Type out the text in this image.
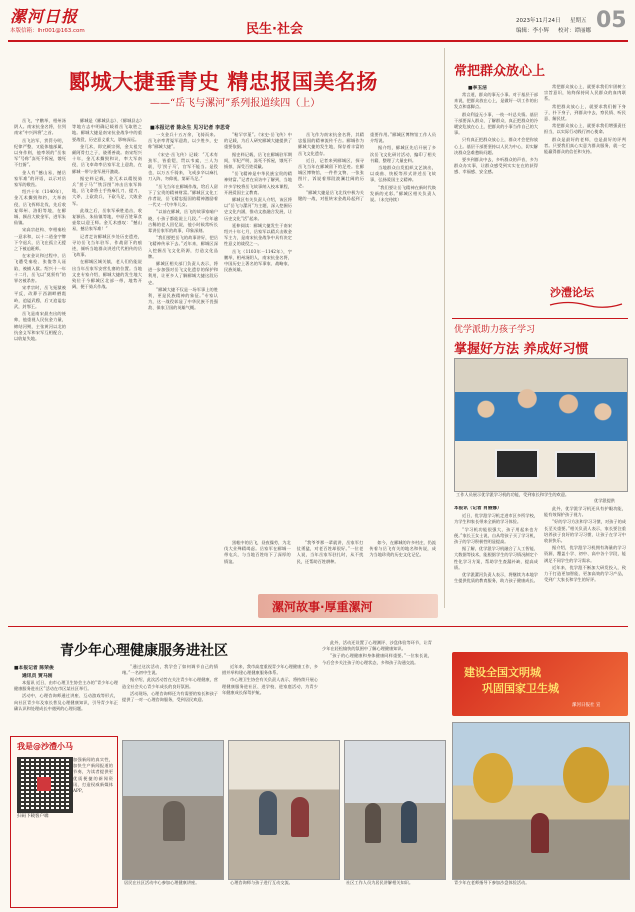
漯河日报
本版信箱：lhr001@163.com	民生·社会
2023年11月24日 星期五
编辑：李小辉 校对：谭丽娜 05
郾城大捷垂青史 精忠报国美名扬
——“岳飞与漯河”系列报道续四（上）
■本报记者 陈永生 见习记者 李思奇

郾城是《郾城县志》、《郾城县志》等地方志中明确记载着岳飞取胜之地。郾城大捷是南宋抗金战争中的重要战役，历史意义重大，影响深远。

金兀术，即完颜宗弼，金太祖完颜阿骨打之子，骁勇善战。南宋绍兴十年，金兀术撕毁和议，率大军南侵，岳飞奉命率岳家军北上迎敌，在郾城一带与金军展开激战。

据史料记载，金兀术以精锐骑兵“拐子马”“铁浮图”冲击岳家军阵地，岳飞命将士手持麻扎刀、提刀、大斧，上砍敌兵，下砍马足，大败金军。

此战之后，岳家军乘胜追击，收复颍昌、朱仙镇等地，中原百姓箪食壶浆以迎王师。金兀术感叹：“撼山易，撼岳家军难！”

记者走访郾城区多处历史遗迹，寻访岳飞当年驻军、作战留下的痕迹，倾听当地群众讲述代代相传的岳飞故事。

在郾城区城关镇，老人们仍能说出当年岳家军安营扎寨的位置。当地文史专家介绍，郾城大捷的发生地大致位于今郾城区北部一带，地势开阔，便于骑兵作战。

岳飞，宇鹏举，相州汤阴人。南宋抗金名将，位列南宋“中兴四将”之首。

岳飞治军，赏罚分明，纪律严整，又能体恤部属，以身作则，他率领的“岳家军”号称“冻死不拆屋，饿死不打掳”。

金人有“撼山易，撼岳家军难”的评语，以示对岳家军的敬畏。

绍兴十年（1140年），金兀术撕毁和约，大举南侵，岳飞挥师北伐，先后收复郑州、洛阳等地，在郾城、颍昌大败金军，进军朱仙镇。

宋高宗赵构、宰相秦桧一意求和，以十二道金字牌下令退兵，岳飞在孤立无援之下被迫班师。

在宋金议和过程中，岳飞遭受秦桧、张俊等人诬陷，被捕入狱。绍兴十一年十二月，岳飞以“莫须有”的罪名被杀害。

宋孝宗时，岳飞冤狱被平反，改葬于西湖畔栖霞岭，追谥武穆，后又追谥忠武，封鄂王。

岳飞是南宋最杰出的统帅，他重视人民抗金力量，缔结河朔，主张黄河以北的抗金义军和宋军互相配合，以收复失地。

一支金兵十五万余，飞骑而来。岳飞亲率背嵬军迎敌，以少胜多，史称“郾城大捷”。

《宋史·岳飞传》记载：“兀术有劲军，皆重铠，贯以韦索，三人为联，号‘拐子马’，官军不能当。是役也，以万五千骑来，飞戒步卒以麻扎刀入阵，勿仰视，第斫马足。”

“岳飞当年在郾城作战，给后人留下了宝贵的精神财富。”郾城区文化工作者说，岳飞精忠报国的精神激励着一代又一代中华儿女。

“以前在郾城，岳飞的故事家喻户晓，小孩子都能说上几段。”一位年逾古稀的老人回忆说，他小时候常听长辈讲岳家军的故事，印象深刻。

“我们要把岳飞的故事讲好，把岳飞精神传承下去。”近年来，郾城区深入挖掘岳飞文化资源，打造文化品牌。

郾城区相关部门负责人表示，将进一步加强对岳飞文化遗存的保护和利用，让更多人了解郾城大捷这段历史。

“郾城大捷不仅是一场军事上的胜利，更是民族精神的象征。”专家认为，这一战役彰显了中华民族不畏强敌、保家卫国的英雄气概。

“粘罕孛堇”。《宋史·岳飞传》中的记载，为后人研究郾城大捷提供了重要依据。

据史料记载，岳飞在郾城驻军期间，军纪严明，冻死不拆屋，饿死不掳掠，深受百姓爱戴。

“岳飞精神是中华民族宝贵的精神财富。”记者在采访中了解到，当地许多学校将岳飞故事纳入校本课程，开展爱国主义教育。

郾城区有关负责人介绍，该区将以“岳飞与漯河”为主题，深入挖掘历史文化内涵，推动文旅融合发展，让历史文化“活”起来。

延伸阅读：郾城大捷发生于南宋绍兴十年七月，岳家军以精兵击败金军主力，是南宋抗金战争中具有决定性意义的战役之一。

岳飞（1103年－1142年），字鹏举，相州汤阴人，南宋抗金名将，中国历史上著名的军事家、战略家、民族英雄。

岳飞作为南宋抗金名将，其精忠报国的精神流传千古。郾城作为郾城大捷的发生地，保存着丰富的岳飞文化遗存。

近日，记者来到郾城区，探寻岳飞当年在郾城留下的足迹。在郾城区博物馆，一件件文物、一张张图片，诉说着那段波澜壮阔的历史。

“郾城大捷是岳飞北伐中极为关键的一战，对扭转宋金战局起到了重要作用。”郾城区博物馆工作人员介绍说。

据介绍，郾城区先后开展了多次岳飞文化研讨活动，编印了相关书籍，整理了大量史料。

当地群众自发组织文艺演出，以戏曲、快板等形式讲述岳飞故事，弘扬爱国主义精神。

“我们要让岳飞精神在新时代焕发新的光彩。”郾城区相关负责人说。（未完待续）

黑帐中的岳飞，昼夜操劳，为北伐大业殚精竭虑。岳家军在郾城一带屯兵，与当地百姓结下了深厚的情谊。

“我爷爷那一辈就讲，岳家军打仗勇猛，对老百姓却很好。”一位老人说，当年岳家军驻扎时，从不扰民，还帮助百姓耕种。

如今，在郾城的许多村庄，仍流传着与岳飞有关的地名和传说，成为当地珍贵的历史文化记忆。

漯河故事·厚重漯河
常把群众放心上
■李玉洁

常言道，群众的事无小事。对于基层干部来说，把群众放在心上，是做好一切工作的出发点和落脚点。

群众利益无小事，一枝一叶总关情。基层干部要深入群众、了解群众，真正把群众的冷暖安危放在心上，把群众的小事当作自己的大事。

只有真正把群众放心上，群众才会把你放心上。基层干部要坚持以人民为中心，切实解决群众急难愁盼问题。

要多到群众中去，多听群众的声音，多为群众办实事，让群众感受到实实在在的获得感、幸福感、安全感。

常把群众放心上，就要求我们牢固树立宗旨意识，始终保持同人民群众的血肉联系。

常把群众放心上，就要求我们俯下身子，扑下身子，到群众中去，察民情、听民意、解民忧。

常把群众放心上，就要求我们增强责任担当，以实际行动践行初心使命。

群众是最好的老师，也是最好的评判者。只要我们真心实意为群众服务，就一定能赢得群众的信任和支持。

沙澧论坛
优学派助力孩子学习
掌握好方法 养成好习惯
工作人员展示优学派学习机的功能，受到家长和学生的欢迎。
优学派提供

本报讯（记者 肖丽娜）

近日，优学派学习机走进市区多所学校，为学生和家长带来全新的学习体验。

“学习机功能很强大，孩子用起来也方便。”家长王女士说，自从给孩子买了学习机，孩子的学习积极性明显提高。

据了解，优学派学习机融合了人工智能、大数据等技术，能根据学生的学习情况制定个性化学习方案，帮助学生查漏补缺、提高成绩。

优学派漯河负责人表示，将继续为本地学生提供优质的教育服务，助力孩子健康成长。

此外，优学派学习机还具有护眼功能，能有效保护孩子视力。

“好的学习方法和学习习惯，对孩子的成长至关重要。”相关负责人表示，家长要注重培养孩子良好的学习习惯，让孩子在学习中收获快乐。

据介绍，优学派学习机拥有海量的学习资源，覆盖小学、初中、高中各个学段，能满足不同学生的学习需求。

近年来，优学派不断加大研发投入，致力于打造更加智能、更加高效的学习产品，受到广大家长和学生的好评。

青少年心理健康服务进社区
■本报记者 陈荣俊
通讯员 贾马刚

本报讯 近日，由市心理卫生协会主办的“青少年心理健康服务进社区”活动在市区某社区举行。

活动中，心理咨询师通过讲座、互动游戏等形式，向社区青少年及家长普及心理健康知识，引导青少年正确认识和处理成长中遇到的心理问题。

“通过这次活动，我学会了如何调节自己的情绪。”一名初中生说。

据介绍，此次活动旨在关注青少年心理健康，营造全社会关心青少年成长的良好氛围。

活动现场，心理咨询师还为有需要的家长和孩子提供了一对一心理咨询服务，受到居民欢迎。

近年来，我市高度重视青少年心理健康工作，多措并举构建心理健康服务体系。

市心理卫生协会有关负责人表示，将持续开展心理健康服务进社区、进学校、进家庭活动，为青少年健康成长保驾护航。

此外，活动还设置了心理测评、沙盘体验等环节，让青少年在轻松愉快的氛围中了解心理健康知识。

“孩子的心理健康和身体健康同样重要。”一位家长说，今后会多关注孩子的心理状态，多和孩子沟通交流。

建设全国文明城
巩固国家卫生城
漯河日报社 宣
我是@沙澧小马
扫码下载客户端

加强新闻的真实性，加快生产新闻报道的节奏，为读者提供更优质便捷的新闻资讯，打造权威新媒体APP。

居民在社区活动中心参加心理健康讲座。	心理咨询师与孩子进行互动交流。	社区工作人员为居民讲解相关知识。	青少年在老师指导下参加沙盘体验活动。
